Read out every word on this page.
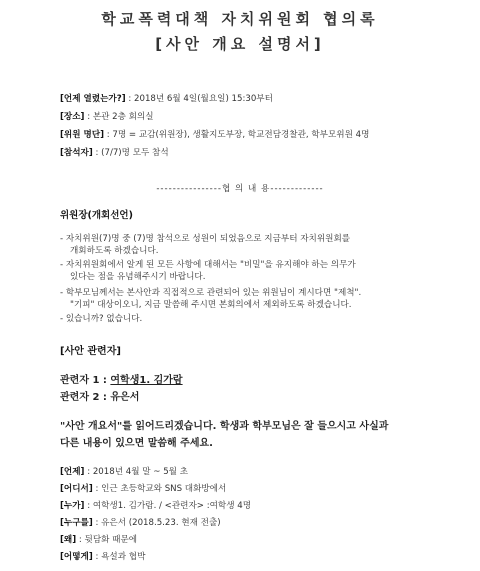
학교폭력대책 자치위원회 협의록
[사안 개요 설명서]
[언제 열렸는가?] : 2018년 6월 4일(월요일) 15:30부터
[장소] : 본관 2층 회의실
[위원 명단] : 7명 = 교감(위원장), 생활지도부장, 학교전담경찰관, 학부모위원 4명
[참석자] : (7/7)명 모두 참석
----------------협 의 내 용-------------
위원장(개회선언)
- 자치위원(7)명 중 (7)명 참석으로 성원이 되었음으로 지금부터 자치위원회를
개회하도록 하겠습니다.
- 자치위원회에서 알게 된 모든 사항에 대해서는 "비밀"을 유지해야 하는 의무가
있다는 점을 유념해주시기 바랍니다.
- 학부모님께서는 본사안과 직접적으로 관련되어 있는 위원님이 계시다면 "제척".
"기피" 대상이오니, 지금 말씀해 주시면 본회의에서 제외하도록 하겠습니다.
- 있습니까? 없습니다.
[사안 관련자]
관련자 1 : 여학생1. 김가람
관련자 2 : 유은서
"사안 개요서"를 읽어드리겠습니다. 학생과 학부모님은 잘 들으시고 사실과
다른 내용이 있으면 말씀해 주세요.
[언제] : 2018년 4월 말 ~ 5월 초
[어디서] : 인근 초등학교와 SNS 대화방에서
[누가] : 여학생1. 김가람. / <관련자> :여학생 4명
[누구를] : 유은서 (2018.5.23. 현재 전출)
[왜] : 뒷담화 때문에
[어떻게] : 욕설과 협박
